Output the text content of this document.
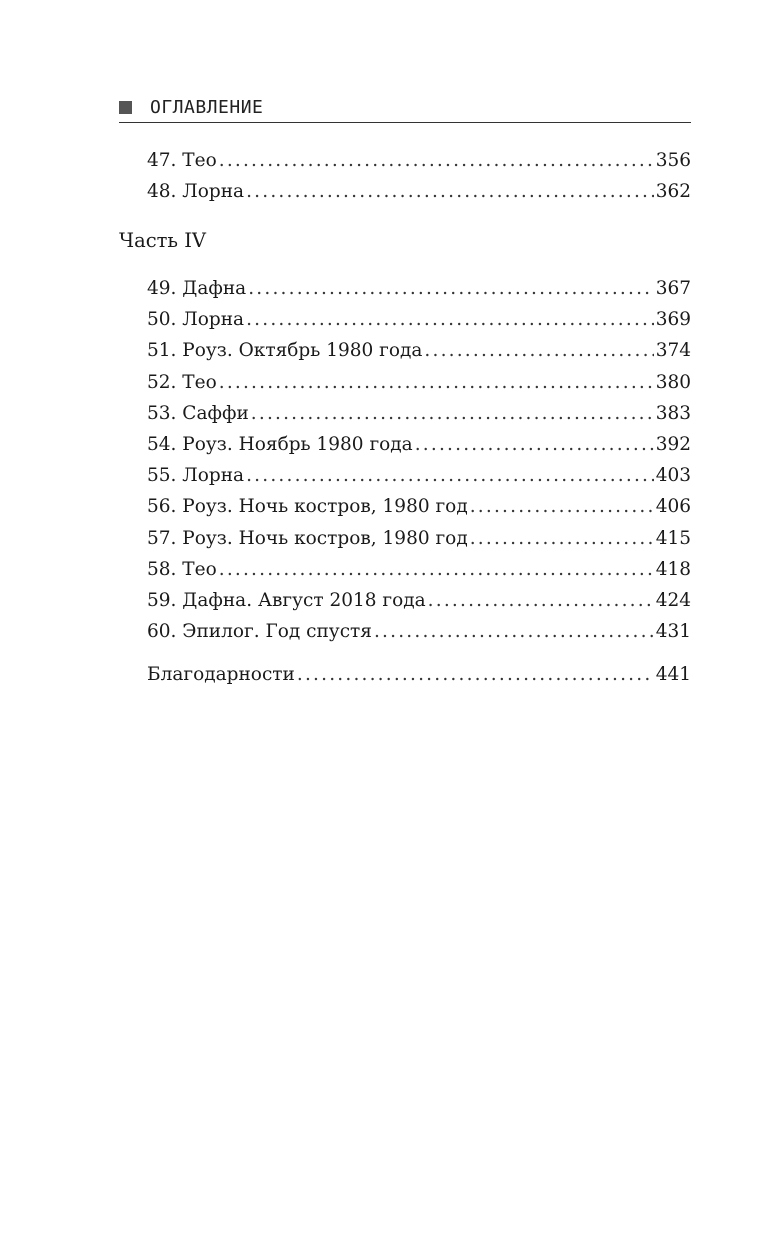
ОГЛАВЛЕНИЕ
47. Тео .....	356
48. Лорна .....	362
Часть IV
49. Дафна .....	367
50. Лорна .....	369
51. Роуз. Октябрь 1980 года .....	374
52. Тео .....	380
53. Саффи .....	383
54. Роуз. Ноябрь 1980 года .....	392
55. Лорна .....	403
56. Роуз. Ночь костров, 1980 год .....	406
57. Роуз. Ночь костров, 1980 год .....	415
58. Тео .....	418
59. Дафна. Август 2018 года .....	424
60. Эпилог. Год спустя .....	431
Благодарности .....	441
